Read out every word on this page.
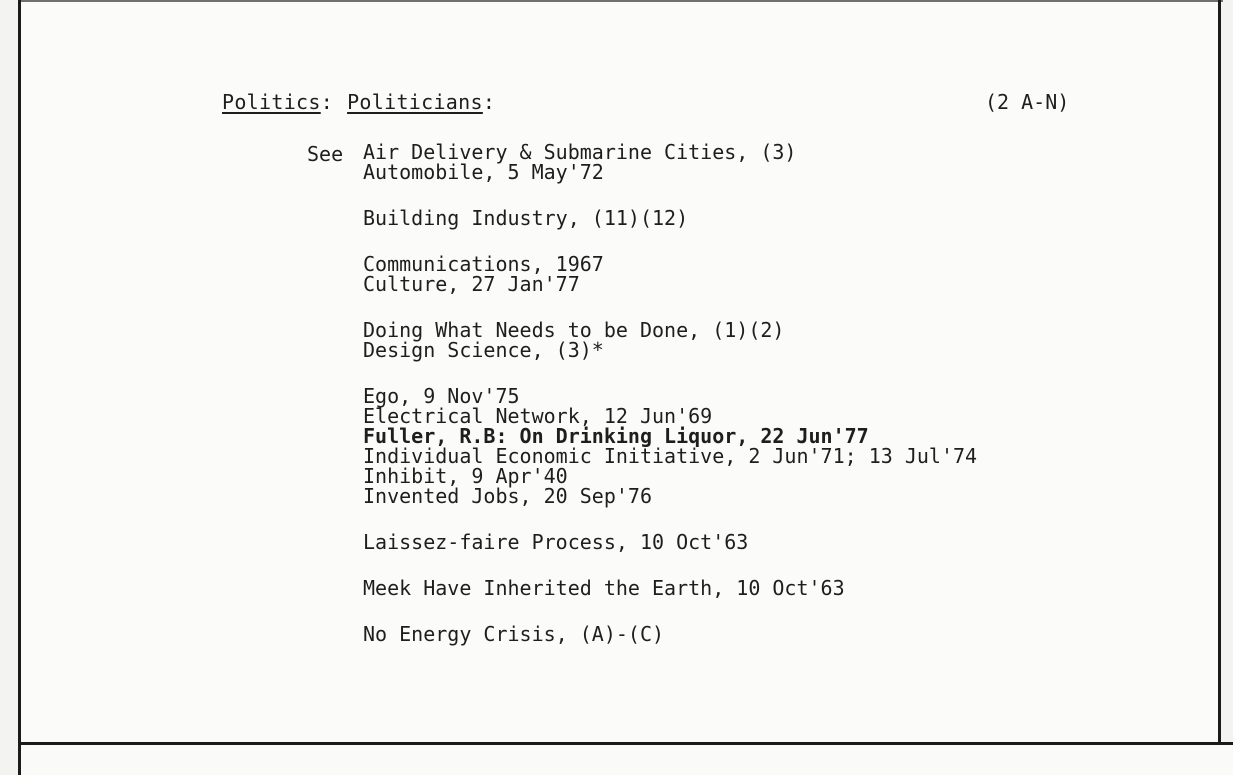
Politics: Politicians:	(2 A-N)
See Air Delivery & Submarine Cities, (3)
Automobile, 5 May'72
Building Industry, (11)(12)
Communications, 1967
Culture, 27 Jan'77
Doing What Needs to be Done, (1)(2)
Design Science, (3)*
Ego, 9 Nov'75
Electrical Network, 12 Jun'69
Fuller, R.B: On Drinking Liquor, 22 Jun'77
Individual Economic Initiative, 2 Jun'71; 13 Jul'74
Inhibit, 9 Apr'40
Invented Jobs, 20 Sep'76
Laissez-faire Process, 10 Oct'63
Meek Have Inherited the Earth, 10 Oct'63
No Energy Crisis, (A)-(C)
